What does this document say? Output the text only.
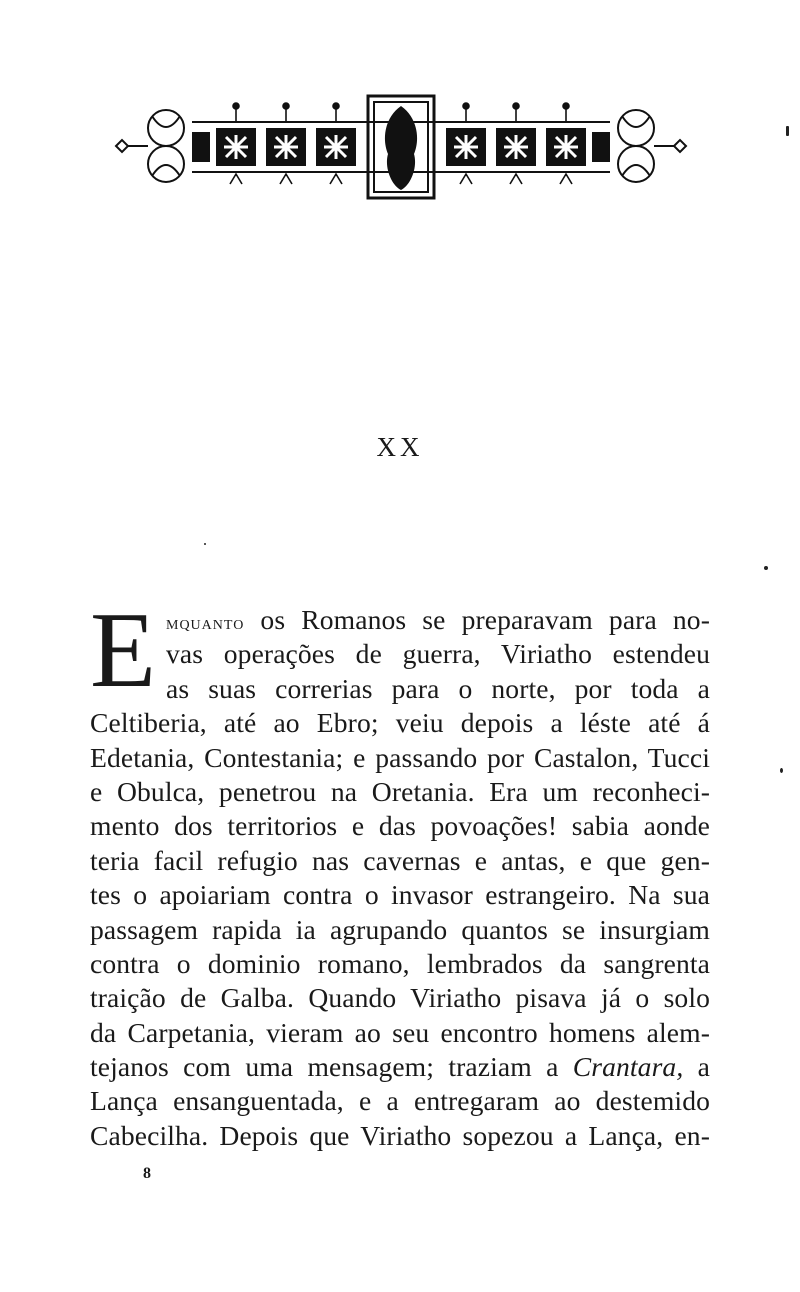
XX
E mquanto os Romanos se preparavam para no-
vas operações de guerra, Viriatho estendeu
as suas correrias para o norte, por toda a
Celtiberia, até ao Ebro; veiu depois a léste até á
Edetania, Contestania; e passando por Castalon, Tucci
e Obulca, penetrou na Oretania. Era um reconheci-
mento dos territorios e das povoações! sabia aonde
teria facil refugio nas cavernas e antas, e que gen-
tes o apoiariam contra o invasor estrangeiro. Na sua
passagem rapida ia agrupando quantos se insurgiam
contra o dominio romano, lembrados da sangrenta
traição de Galba. Quando Viriatho pisava já o solo
da Carpetania, vieram ao seu encontro homens alem-
tejanos com uma mensagem; traziam a Crantara, a
Lança ensanguentada, e a entregaram ao destemido
Cabecilha. Depois que Viriatho sopezou a Lança, en-
8
